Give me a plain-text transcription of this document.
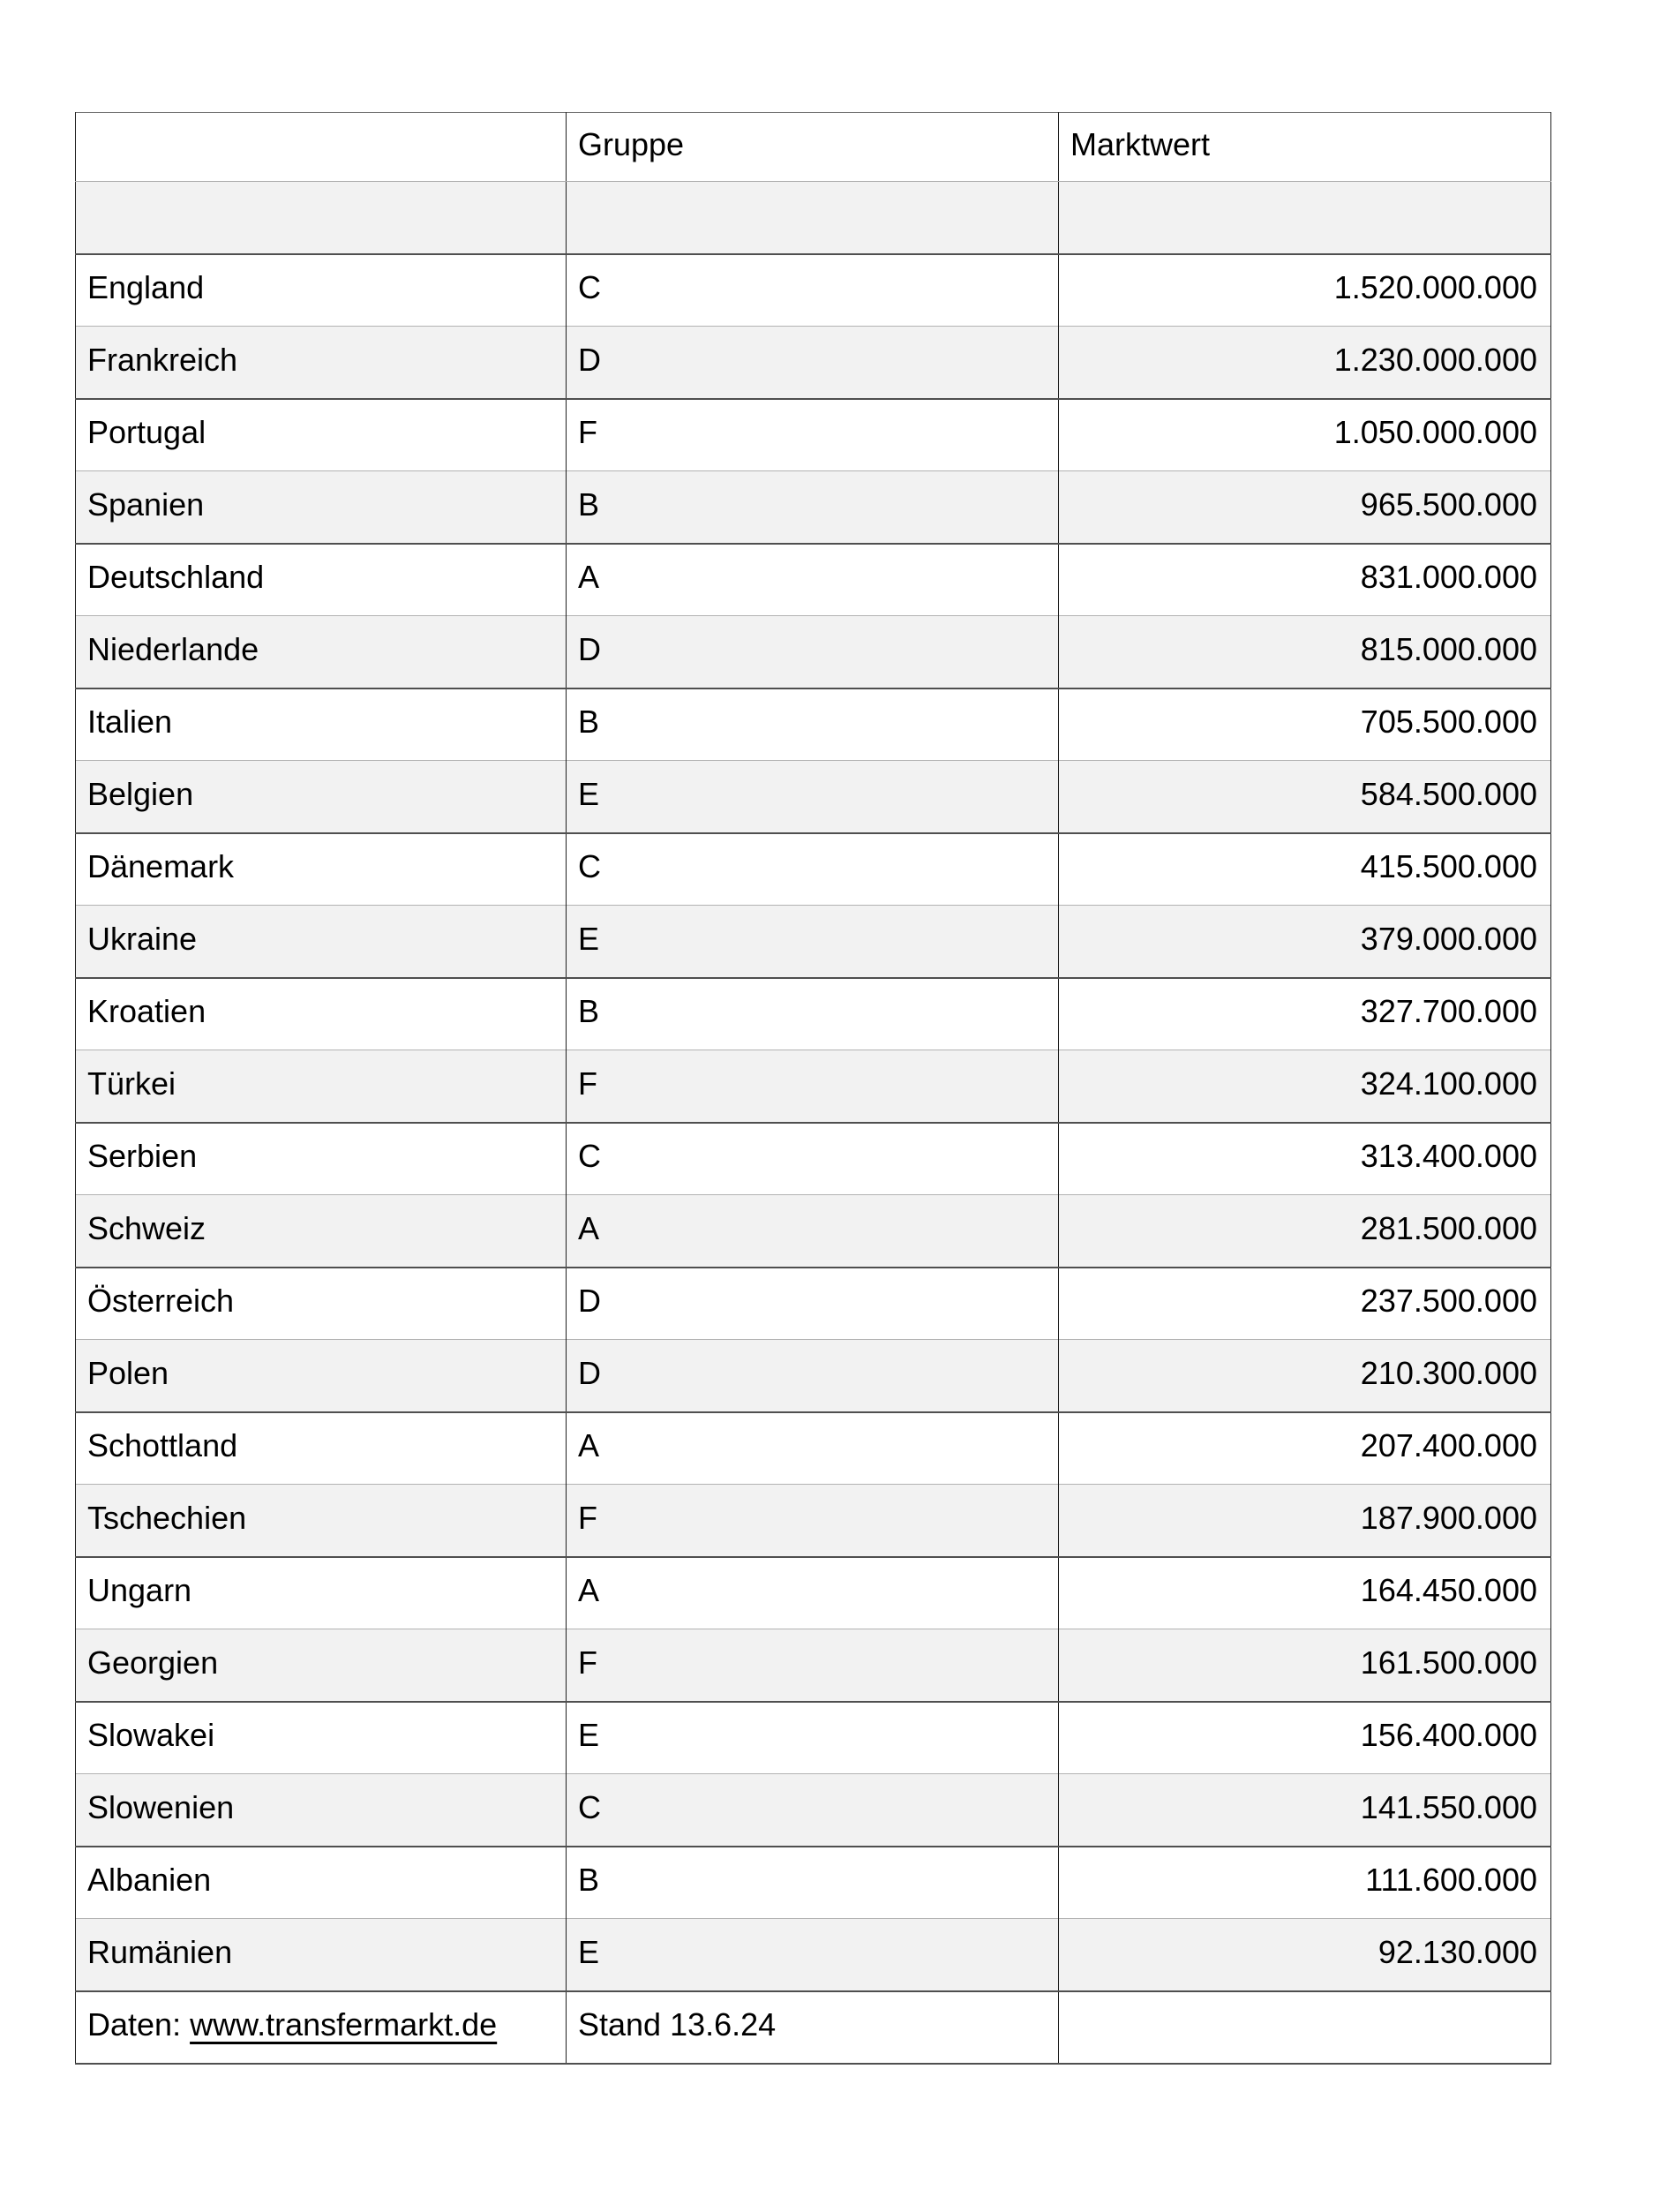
	Gruppe	Marktwert

England	C	1.520.000.000
Frankreich	D	1.230.000.000
Portugal	F	1.050.000.000
Spanien	B	965.500.000
Deutschland	A	831.000.000
Niederlande	D	815.000.000
Italien	B	705.500.000
Belgien	E	584.500.000
Dänemark	C	415.500.000
Ukraine	E	379.000.000
Kroatien	B	327.700.000
Türkei	F	324.100.000
Serbien	C	313.400.000
Schweiz	A	281.500.000
Österreich	D	237.500.000
Polen	D	210.300.000
Schottland	A	207.400.000
Tschechien	F	187.900.000
Ungarn	A	164.450.000
Georgien	F	161.500.000
Slowakei	E	156.400.000
Slowenien	C	141.550.000
Albanien	B	111.600.000
Rumänien	E	92.130.000
Daten: www.transfermarkt.de	Stand 13.6.24	
